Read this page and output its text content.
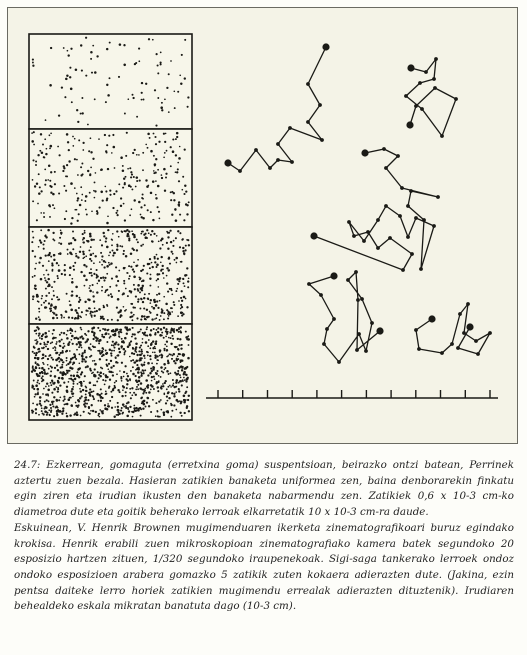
24.7: Ezkerrean, gomaguta (erretxina goma) suspentsioan, beirazko ontzi batean, Perrinek aztertu zuen bezala. Hasieran zatikien banaketa uniformea zen, baina denborarekin finkatu egin ziren eta irudian ikusten den banaketa nabarmendu zen. Zatikiek 0,6 x 10-3 cm-ko diametroa dute eta goitik beherako lerroak elkarretatik 10 x 10-3 cm-ra daude.

Eskuinean, V. Henrik Brownen mugimenduaren ikerketa zinematografikoari buruz egindako krokisa. Henrik erabili zuen mikroskopioan zinematografiako kamera batek segundoko 20 esposizio hartzen zituen, 1/320 segundoko iraupenekoak. Sigi-saga tankerako lerroek ondoz ondoko esposizioen arabera gomazko 5 zatikik zuten kokaera adierazten dute. (Jakina, ezin pentsa daiteke lerro horiek zatikien mugimendu errealak adierazten dituztenik). Irudiaren behealdeko eskala mikratan banatuta dago (10-3 cm).
